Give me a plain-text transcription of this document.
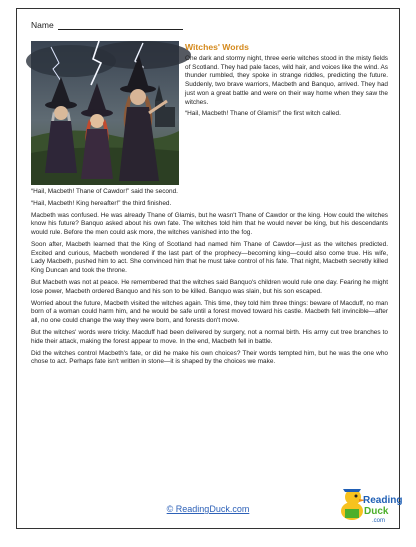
Name
Witches' Words

One dark and stormy night, three eerie witches stood in the misty fields of Scotland. They had pale faces, wild hair, and voices like the wind. As thunder rumbled, they spoke in strange riddles, predicting the future. Suddenly, two brave warriors, Macbeth and Banquo, arrived. They had just won a great battle and were on their way home when they saw the witches.

“Hail, Macbeth! Thane of Glamis!” the first witch called.

“Hail, Macbeth! Thane of Cawdor!” said the second.

“Hail, Macbeth! King hereafter!” the third finished.

Macbeth was confused. He was already Thane of Glamis, but he wasn't Thane of Cawdor or the king. How could the witches know his future? Banquo asked about his own fate. The witches told him that he would never be king, but his descendants would rule. Before the men could ask more, the witches vanished into the fog.

Soon after, Macbeth learned that the King of Scotland had named him Thane of Cawdor—just as the witches predicted. Excited and curious, Macbeth wondered if the last part of the prophecy—becoming king—could also come true. His wife, Lady Macbeth, pushed him to act. She convinced him that he must take control of his fate. That night, Macbeth secretly killed King Duncan and took the throne.

But Macbeth was not at peace. He remembered that the witches said Banquo's children would rule one day. Fearing he might lose power, Macbeth ordered Banquo and his son to be killed. Banquo was slain, but his son escaped.

Worried about the future, Macbeth visited the witches again. This time, they told him three things: beware of Macduff, no man born of a woman could harm him, and he would be safe until a forest moved toward his castle. Macbeth felt invincible—after all, no one could change the way they were born, and forests don't move.

But the witches' words were tricky. Macduff had been delivered by surgery, not a normal birth. His army cut tree branches to hide their attack, making the forest appear to move. In the end, Macbeth fell in battle.

Did the witches control Macbeth's fate, or did he make his own choices? Their words tempted him, but he was the one who chose to act. Perhaps fate isn't written in stone—it is shaped by the choices we make.

© ReadingDuck.com
Reading
Duck
.com
